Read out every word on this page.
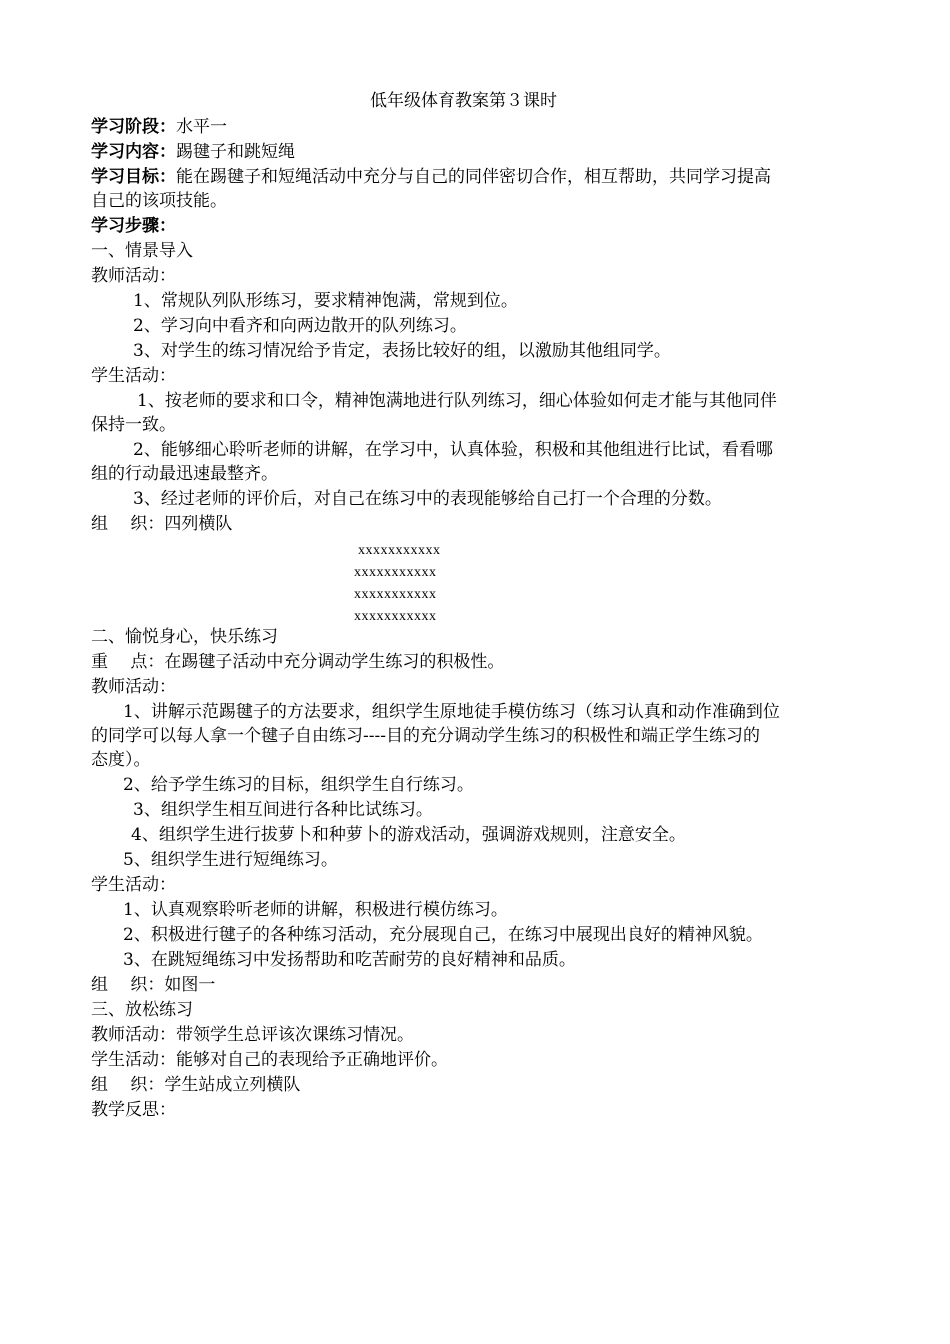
低年级体育教案第３课时
学习阶段：水平一
学习内容：踢毽子和跳短绳
学习目标：能在踢毽子和短绳活动中充分与自己的同伴密切合作，相互帮助，共同学习提高
自己的该项技能。
学习步骤：
一、情景导入
教师活动：
1、常规队列队形练习，要求精神饱满，常规到位。
2、学习向中看齐和向两边散开的队列练习。
3、对学生的练习情况给予肯定，表扬比较好的组，以激励其他组同学。
学生活动：
1、按老师的要求和口令，精神饱满地进行队列练习，细心体验如何走才能与其他同伴
保持一致。
2、能够细心聆听老师的讲解，在学习中，认真体验，积极和其他组进行比试，看看哪
组的行动最迅速最整齐。
3、经过老师的评价后，对自己在练习中的表现能够给自己打一个合理的分数。
组　 织：四列横队
xxxxxxxxxxx
xxxxxxxxxxx
xxxxxxxxxxx
xxxxxxxxxxx
二、愉悦身心，快乐练习
重　 点：在踢毽子活动中充分调动学生练习的积极性。
教师活动：
1、讲解示范踢毽子的方法要求，组织学生原地徒手模仿练习（练习认真和动作准确到位
的同学可以每人拿一个毽子自由练习----目的充分调动学生练习的积极性和端正学生练习的
态度）。
2、给予学生练习的目标，组织学生自行练习。
3、组织学生相互间进行各种比试练习。
4、组织学生进行拔萝卜和种萝卜的游戏活动，强调游戏规则，注意安全。
5、组织学生进行短绳练习。
学生活动：
1、认真观察聆听老师的讲解，积极进行模仿练习。
2、积极进行毽子的各种练习活动，充分展现自己，在练习中展现出良好的精神风貌。
3、在跳短绳练习中发扬帮助和吃苦耐劳的良好精神和品质。
组　 织：如图一
三、放松练习
教师活动：带领学生总评该次课练习情况。
学生活动：能够对自己的表现给予正确地评价。
组　 织：学生站成立列横队
教学反思：
